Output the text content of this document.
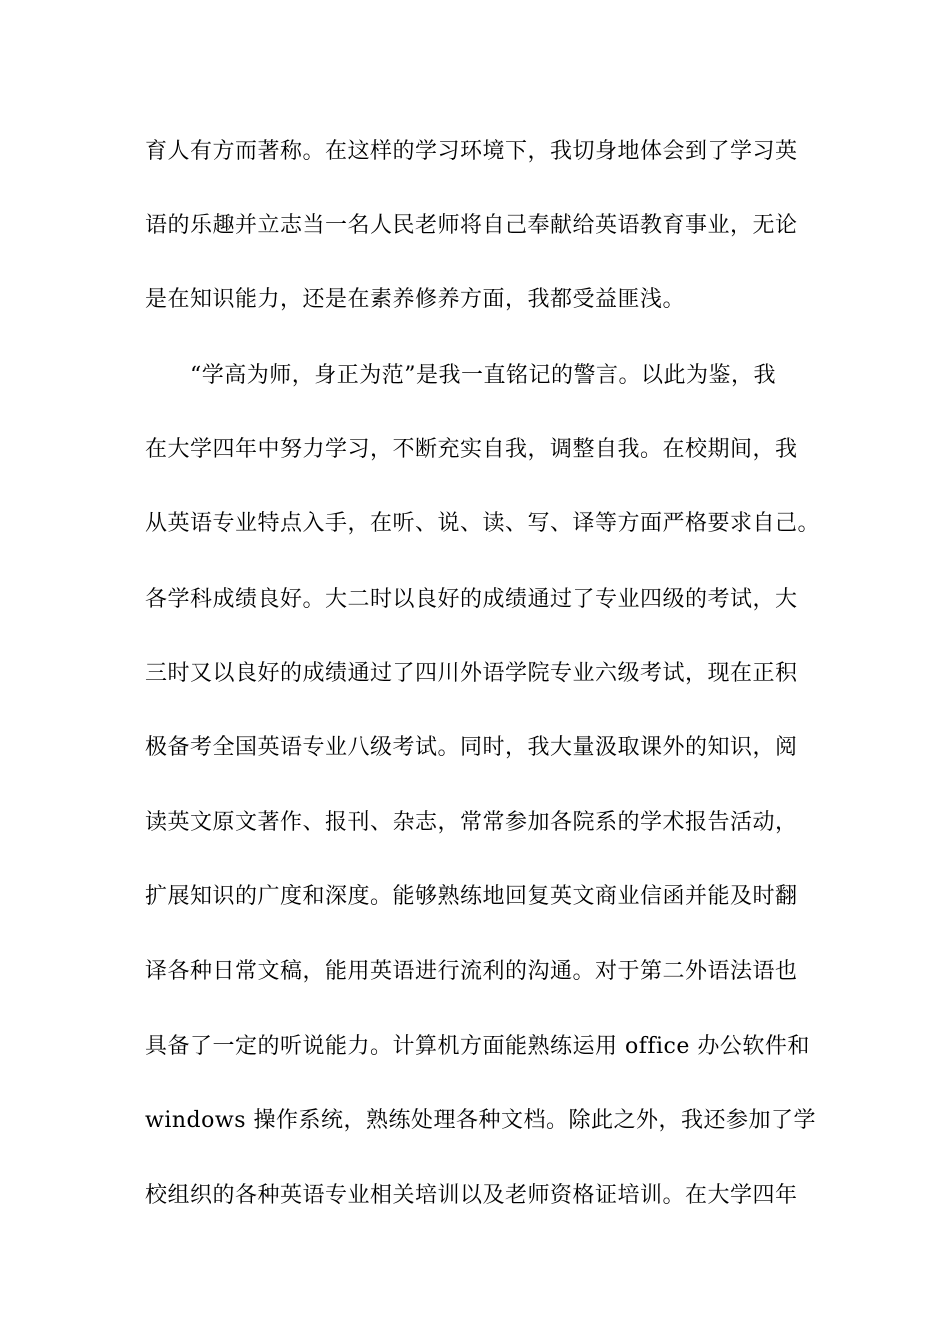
育人有方而著称。在这样的学习环境下，我切身地体会到了学习英
语的乐趣并立志当一名人民老师将自己奉献给英语教育事业，无论
是在知识能力，还是在素养修养方面，我都受益匪浅。
“学高为师，身正为范”是我一直铭记的警言。以此为鉴，我
在大学四年中努力学习，不断充实自我，调整自我。在校期间，我
从英语专业特点入手，在听、说、读、写、译等方面严格要求自己。
各学科成绩良好。大二时以良好的成绩通过了专业四级的考试，大
三时又以良好的成绩通过了四川外语学院专业六级考试，现在正积
极备考全国英语专业八级考试。同时，我大量汲取课外的知识，阅
读英文原文著作、报刊、杂志，常常参加各院系的学术报告活动，
扩展知识的广度和深度。能够熟练地回复英文商业信函并能及时翻
译各种日常文稿，能用英语进行流利的沟通。对于第二外语法语也
具备了一定的听说能力。计算机方面能熟练运用 office 办公软件和
windows 操作系统，熟练处理各种文档。除此之外，我还参加了学
校组织的各种英语专业相关培训以及老师资格证培训。在大学四年
